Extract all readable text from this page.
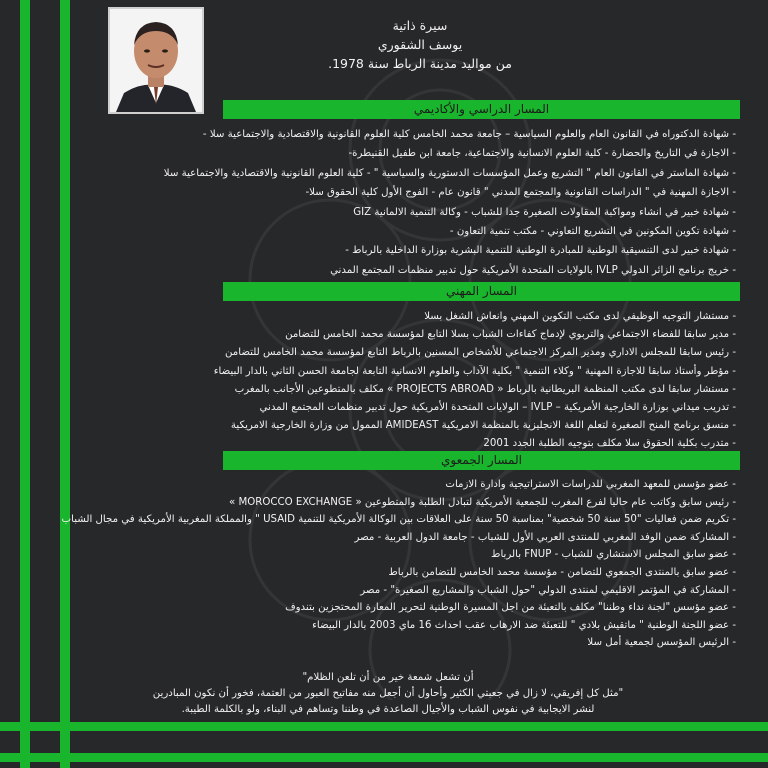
سيرة ذاتية
يوسف الشقوري
من مواليد مدينة الرباط سنة 1978.
المسار الدراسي والأكاديمي
- شهادة الدكتوراه في القانون العام والعلوم السياسية – جامعة محمد الخامس كلية العلوم القانونية والاقتصادية والاجتماعية سلا -
- الاجازة في التاريخ والحضارة - كلية العلوم الانسانية والاجتماعية، جامعة ابن طفيل القنيطرة-
- شهادة الماستر في القانون العام " التشريع وعمل المؤسسات الدستورية والسياسية " - كلية العلوم القانونية والاقتصادية والاجتماعية سلا
- الاجازة المهنية في " الدراسات القانونية والمجتمع المدني " قانون عام - الفوج الأول كلية الحقوق سلا-
- شهادة خبير في انشاء ومواكبة المقاولات الصغيرة جدا للشباب - وكالة التنمية الالمانية GIZ
- شهادة تكوين المكونين في التشريع التعاوني - مكتب تنمية التعاون -
- شهادة خبير لدى التنسيقية الوطنية للمبادرة الوطنية للتنمية البشرية بوزارة الداخلية بالرباط -
- خريج برنامج الزائر الدولي IVLP بالولايات المتحدة الأمريكية حول تدبير منظمات المجتمع المدني
المسار المهني
- مستشار التوجيه الوظيفي لدى مكتب التكوين المهني وانعاش الشغل بسلا
- مدير سابقا للفضاء الاجتماعي والتربوي لإدماج كفاءات الشباب بسلا التابع لمؤسسة محمد الخامس للتضامن
- رئيس سابقا للمجلس الاداري ومدير المركز الاجتماعي للأشخاص المسنين بالرباط التابع لمؤسسة محمد الخامس للتضامن
- مؤطر وأستاذ سابقا للاجازة المهنية " وكلاء التنمية " بكلية الآداب والعلوم الانسانية التابعة لجامعة الحسن الثاني بالدار البيضاء
- مستشار سابقا لدى مكتب المنظمة البريطانية بالرباط « PROJECTS ABROAD » مكلف بالمتطوعين الأجانب بالمغرب
- تدريب ميداني بوزارة الخارجية الأمريكية – IVLP – الولايات المتحدة الأمريكية حول تدبير منظمات المجتمع المدني
- منسق برنامج المنح الصغيرة لتعلم اللغة الانجليزية بالمنظمة الامريكية AMIDEAST الممول من وزارة الخارجية الامريكية
- متدرب بكلية الحقوق سلا مكلف بتوجيه الطلبة الجدد 2001
المسار الجمعوي
- عضو مؤسس للمعهد المغربي للدراسات الاستراتيجية وادارة الازمات
- رئيس سابق وكاتب عام حاليا لفرع المغرب للجمعية الأمريكية لتبادل الطلبة والمتطوعين « MOROCCO EXCHANGE »
- تكريم ضمن فعاليات "50 سنة 50 شخصية" بمناسبة 50 سنة على العلاقات بين الوكالة الأمريكية للتنمية USAID " والمملكة المغربية الأمريكية في مجال الشباب
- المشاركة ضمن الوفد المغربي للمنتدى العربي الأول للشباب - جامعة الدول العربية - مصر
- عضو سابق المجلس الاستشاري للشباب - FNUP بالرباط
- عضو سابق بالمنتدى الجمعوي للتضامن - مؤسسة محمد الخامس للتضامن بالرباط
- المشاركة في المؤتمر الاقليمي لمنتدى الدولي "حول الشباب والمشاريع الصغيرة" - مصر
- عضو مؤسس "لجنة نداء وطننا" مكلف بالتعبئة من اجل المسيرة الوطنية لتحرير المعارة المحتجزين بتندوف
- عضو اللجنة الوطنية " ماتقيش بلادي " للتعبئة ضد الارهاب عقب احداث 16 ماي 2003 بالدار البيضاء
- الرئيس المؤسس لجمعية أمل سلا
أن تشعل شمعة خير من أن تلعن الظلام"
"مثل كل إفريقي، لا زال في جعبتي الكثير وأحاول أن أجعل منه مفاتيح العبور من العتمة، فخور أن نكون المبادرين
لنشر الايجابية في نفوس الشباب والأجيال الصاعدة في وطننا وتساهم في البناء، ولو بالكلمة الطيبة.
